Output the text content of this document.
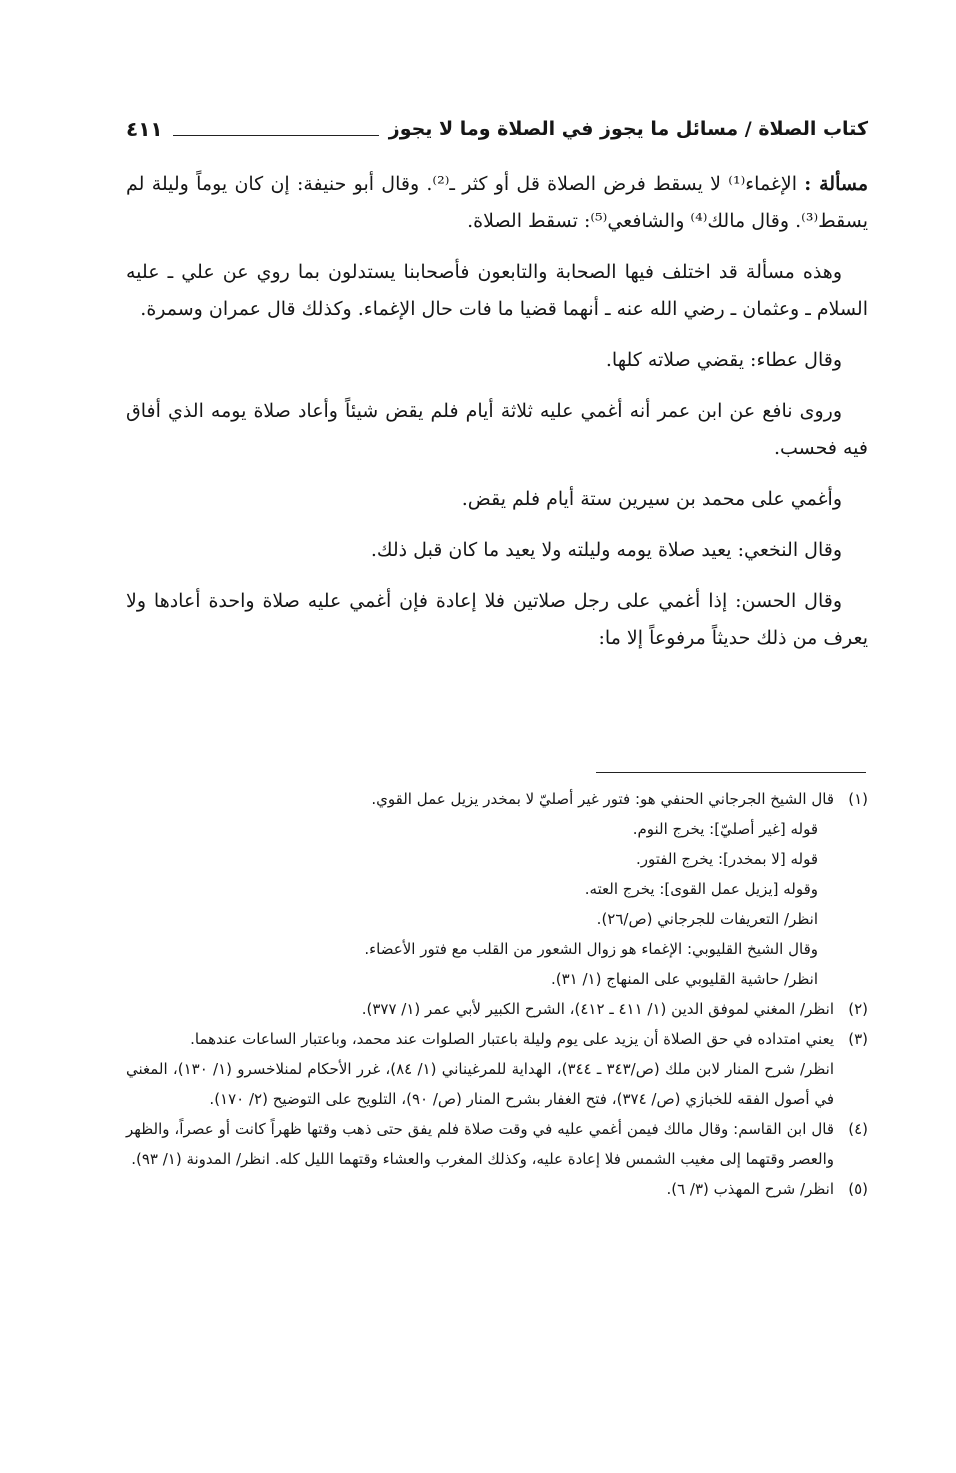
كتاب الصلاة / مسائل ما يجوز في الصلاة وما لا يجوز
٤١١

مسألة : الإغماء⁽¹⁾ لا يسقط فرض الصلاة قل أو كثر ـ⁽²⁾. وقال أبو حنيفة: إن كان يوماً وليلة لم يسقط⁽³⁾. وقال مالك⁽⁴⁾ والشافعي⁽⁵⁾: تسقط الصلاة.

وهذه مسألة قد اختلف فيها الصحابة والتابعون فأصحابنا يستدلون بما روي عن علي ـ عليه السلام ـ وعثمان ـ رضي الله عنه ـ أنهما قضيا ما فات حال الإغماء. وكذلك قال عمران وسمرة.

وقال عطاء: يقضي صلاته كلها.

وروى نافع عن ابن عمر أنه أغمي عليه ثلاثة أيام فلم يقض شيئاً وأعاد صلاة يومه الذي أفاق فيه فحسب.

وأغمي على محمد بن سيرين ستة أيام فلم يقض.

وقال النخعي: يعيد صلاة يومه وليلته ولا يعيد ما كان قبل ذلك.

وقال الحسن: إذا أغمي على رجل صلاتين فلا إعادة فإن أغمي عليه صلاة واحدة أعادها ولا يعرف من ذلك حديثاً مرفوعاً إلا ما:

(١)

قال الشيخ الجرجاني الحنفي هو: فتور غير أصليّ لا بمخدر يزيل عمل القوي.

قوله [غير أصليّ]: يخرج النوم.

قوله [لا بمخدر]: يخرج الفتور.

وقوله [يزيل عمل القوى]: يخرج العته.

انظر/ التعريفات للجرجاني (ص/٢٦).

وقال الشيخ القليوبي: الإغماء هو زوال الشعور من القلب مع فتور الأعضاء.

انظر/ حاشية القليوبي على المنهاج (١/ ٣١).

(٢)

انظر/ المغني لموفق الدين (١/ ٤١١ ـ ٤١٢)، الشرح الكبير لأبي عمر (١/ ٣٧٧).

(٣)

يعني امتداده في حق الصلاة أن يزيد على يوم وليلة باعتبار الصلوات عند محمد، وباعتبار الساعات عندهما.

انظر/ شرح المنار لابن ملك (ص/٣٤٣ ـ ٣٤٤)، الهداية للمرغيناني (١/ ٨٤)، غرر الأحكام لمنلاخسرو (١/ ١٣٠)، المغني في أصول الفقه للخبازي (ص/ ٣٧٤)، فتح الغفار بشرح المنار (ص/ ٩٠)، التلويح على التوضيح (٢/ ١٧٠).

(٤)

قال ابن القاسم: وقال مالك فيمن أغمي عليه في وقت صلاة فلم يفق حتى ذهب وقتها ظهراً كانت أو عصراً، والظهر والعصر وقتهما إلى مغيب الشمس فلا إعادة عليه، وكذلك المغرب والعشاء وقتهما الليل كله. انظر/ المدونة (١/ ٩٣).

(٥)

انظر/ شرح المهذب (٣/ ٦).
